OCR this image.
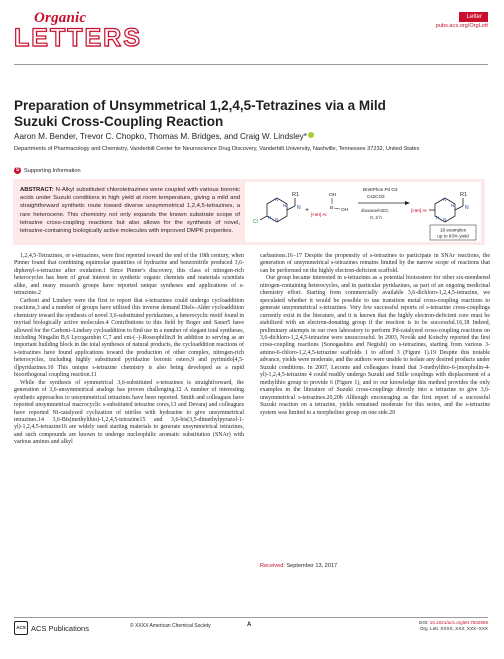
Organic
LETTERS
Letter
pubs.acs.org/OrgLett
Preparation of Unsymmetrical 1,2,4,5-Tetrazines via a Mild Suzuki Cross-Coupling Reaction
Aaron M. Bender, Trevor C. Chopko, Thomas M. Bridges, and Craig W. Lindsley*
Departments of Pharmacology and Chemistry, Vanderbilt Center for Neuroscience Drug Discovery, Vanderbilt University, Nashville, Tennessee 37232, United States
S Supporting Information
ABSTRACT: N-Alkyl substituted chlorotetrazines were coupled with various boronic acids under Suzuki conditions in high yield at room temperature, giving a mild and straightforward synthetic route toward diverse unsymmetrical 1,2,4,5-tetrazines, a rare heterocene. This chemistry not only expands the known substrate scope of tetrazine cross-coupling reactions but also allows for the synthesis of novel, tetrazine-containing biologically active molecules with improved DMPK properties.
R1
N
Cl
N
N
N N
+
OH
B OH
[Het] Ar
BrettPhos Pd G3
Cs2CO3
dioxane/H2O,
rt, 2 h
R1
N
[Het] Ar
N
N
N N
18 examples
up to 93% yield

1,2,4,5-Tetrazines, or s-tetrazines, were first reported toward the end of the 19th century, when Pinner found that combining equimolar quantities of hydrazine and benzonitrile produced 3,6-diphenyl-s-tetrazine after oxidation.1 Since Pinner's discovery, this class of nitrogen-rich heterocycles has been of great interest to synthetic organic chemists and materials scientists alike, and many research groups have reported unique syntheses and applications of s-tetrazines.2

Carboni and Lindsey were the first to report that s-tetrazines could undergo cycloaddition reactions,3 and a number of groups have utilized this inverse demand Diels–Alder cycloaddition chemistry toward the synthesis of novel 3,6-substituted pyridazines, a heterocyclic motif found in myriad biologically active molecules.4 Contributions to this field by Boger and Sauer5 have allowed for the Carboni–Lindsey cycloaddition to find use in a number of elegant total syntheses, including Ningalin B,6 Lycogarubin C,7 and ent-(−)-Roseophilin.8 In addition to serving as an important building block in the total syntheses of natural products, the cycloaddition reactions of s-tetrazines have found applications toward the production of other complex, nitrogen-rich heterocycles, including highly substituted pyridazine boronic esters,9 and pyrimido[4,5-d]pyridazines.10 This unique s-tetrazine chemistry is also being developed as a rapid bioorthogonal coupling reaction.11

While the synthesis of symmetrical 3,6-substituted s-tetrazines is straightforward, the generation of 3,6-unsymmetrical analogs has proven challenging.12 A number of interesting synthetic approaches to unsymmetrical tetrazines have been reported. Smith and colleagues have reported unsymmetrical macrocyclic s-substituted tetrazine cores,13 and Devaraj and colleagues have reported Ni-catalyzed cyclization of nitriles with hydrazine to give unsymmetrical tetrazines.14 3,6-Bis(methylthio)-1,2,4,5-tetrazine15 and 3,6-bis(3,5-dimethylpyrazol-1-yl)-1,2,4,5-tetrazine16 are widely used starting materials to generate unsymmetrical tetrazines, and such compounds are known to undergo nucleophilic aromatic substitution (SNAr) with various amines and alkyl

carbanions.16−17 Despite the propensity of s-tetrazines to participate in SNAr reactions, the generation of unsymmetrical s-tetrazines remains limited by the narrow scope of reactions that can be performed on the highly electron-deficient scaffold.

Our group became interested in s-tetrazines as a potential bioisostere for other six-membered nitrogen-containing heterocycles, and in particular pyridazines, as part of an ongoing medicinal chemistry effort. Starting from commercially available 3,6-dichloro-1,2,4,5-tetrazine, we speculated whether it would be possible to use transition metal cross-coupling reactions to generate unsymmetrical s-tetrazines. Very few successful reports of s-tetrazine cross-couplings currently exist in the literature, and it is known that the highly electron-deficient core must be stabilized with an electron-donating group if the reaction is to be successful.16,18 Indeed, preliminary attempts in our own laboratory to perform Pd-catalyzed cross-coupling reactions on 3,6-dichloro-1,2,4,5-tetrazine were unsuccessful. In 2003, Novák and Kotschy reported the first cross-coupling reactions (Sonogashira and Negishi) on s-tetrazines, starting from various 3-amino-6-chloro-1,2,4,5-tetrazine scaffolds 1 to afford 3 (Figure 1).19 Despite this notable advance, yields were moderate, and the authors were unable to isolate any desired products under Suzuki conditions. In 2007, Leconte and colleagues found that 3-methylthio-6-(morpholin-4-yl)-1,2,4,5-tetrazine 4 could readily undergo Suzuki and Stille couplings with displacement of a methylthio group to provide 6 (Figure 1), and to our knowledge this method provides the only examples in the literature of Suzuki cross-couplings directly into a tetrazine to give 3,6-unsymmetrical s-tetrazines.20,20b Although encouraging as the first report of a successful Suzuki reaction on a tetrazine, yields remained moderate for this series, and the s-tetrazine system was limited to a morpholino group on one side.20

Received: September 13, 2017
ACS ACS Publications	© XXXX American Chemical Society	A	DOI: 10.1021/acs.orglett.7b02868
Org. Lett. XXXX, XXX, XXX−XXX
